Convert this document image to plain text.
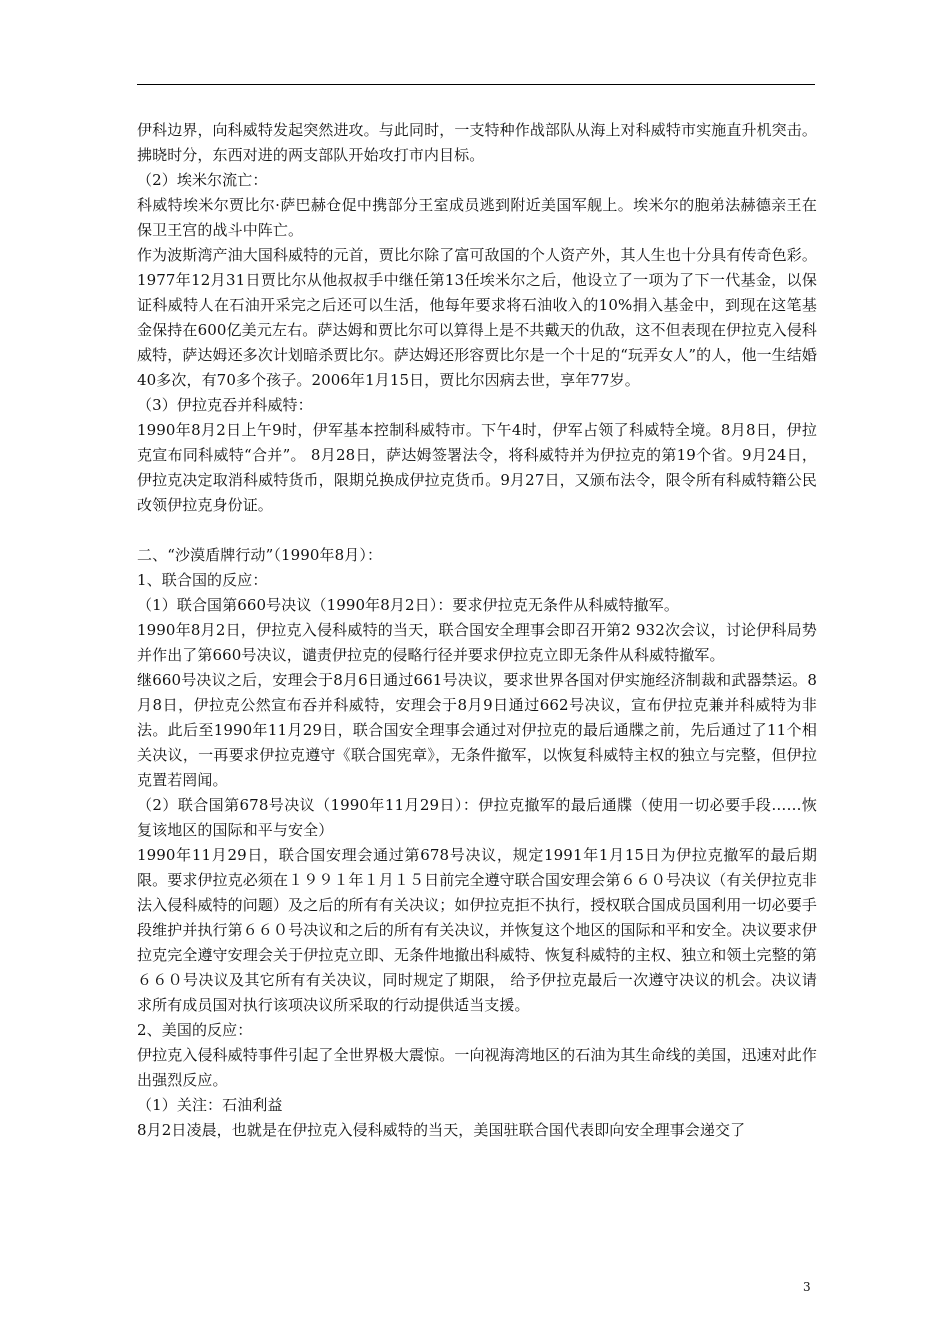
伊科边界，向科威特发起突然进攻。与此同时，一支特种作战部队从海上对科威特市实施直升机突击。拂晓时分，东西对进的两支部队开始攻打市内目标。

（2）埃米尔流亡：

科威特埃米尔贾比尔·萨巴赫仓促中携部分王室成员逃到附近美国军舰上。埃米尔的胞弟法赫德亲王在保卫王宫的战斗中阵亡。

作为波斯湾产油大国科威特的元首，贾比尔除了富可敌国的个人资产外，其人生也十分具有传奇色彩。1977年12月31日贾比尔从他叔叔手中继任第13任埃米尔之后，他设立了一项为了下一代基金，以保证科威特人在石油开采完之后还可以生活，他每年要求将石油收入的10%捐入基金中，到现在这笔基金保持在600亿美元左右。萨达姆和贾比尔可以算得上是不共戴天的仇敌，这不但表现在伊拉克入侵科威特，萨达姆还多次计划暗杀贾比尔。萨达姆还形容贾比尔是一个十足的“玩弄女人”的人，他一生结婚40多次，有70多个孩子。2006年1月15日，贾比尔因病去世，享年77岁。

（3）伊拉克吞并科威特：

1990年8月2日上午9时，伊军基本控制科威特市。下午4时，伊军占领了科威特全境。8月8日，伊拉克宣布同科威特“合并”。 8月28日，萨达姆签署法令，将科威特并为伊拉克的第19个省。9月24日，伊拉克决定取消科威特货币，限期兑换成伊拉克货币。9月27日，又颁布法令，限令所有科威特籍公民改领伊拉克身份证。

二、“沙漠盾牌行动”（1990年8月）：

1、联合国的反应：

（1）联合国第660号决议（1990年8月2日）：要求伊拉克无条件从科威特撤军。

1990年8月2日，伊拉克入侵科威特的当天，联合国安全理事会即召开第2 932次会议，讨论伊科局势并作出了第660号决议，谴责伊拉克的侵略行径并要求伊拉克立即无条件从科威特撤军。

继660号决议之后，安理会于8月6日通过661号决议，要求世界各国对伊实施经济制裁和武器禁运。8月8日，伊拉克公然宣布吞并科威特，安理会于8月9日通过662号决议，宣布伊拉克兼并科威特为非法。此后至1990年11月29日，联合国安全理事会通过对伊拉克的最后通牒之前，先后通过了11个相关决议，一再要求伊拉克遵守《联合国宪章》，无条件撤军，以恢复科威特主权的独立与完整，但伊拉克置若罔闻。

（2）联合国第678号决议（1990年11月29日）：伊拉克撤军的最后通牒（使用一切必要手段……恢复该地区的国际和平与安全）

1990年11月29日，联合国安理会通过第678号决议，规定1991年1月15日为伊拉克撤军的最后期限。要求伊拉克必须在１９９１年１月１５日前完全遵守联合国安理会第６６０号决议（有关伊拉克非法入侵科威特的问题）及之后的所有有关决议；如伊拉克拒不执行，授权联合国成员国利用一切必要手段维护并执行第６６０号决议和之后的所有有关决议，并恢复这个地区的国际和平和安全。决议要求伊拉克完全遵守安理会关于伊拉克立即、无条件地撤出科威特、恢复科威特的主权、独立和领土完整的第６６０号决议及其它所有有关决议，同时规定了期限， 给予伊拉克最后一次遵守决议的机会。决议请求所有成员国对执行该项决议所采取的行动提供适当支援。

2、美国的反应：

伊拉克入侵科威特事件引起了全世界极大震惊。一向视海湾地区的石油为其生命线的美国，迅速对此作出强烈反应。

（1）关注：石油利益

8月2日凌晨，也就是在伊拉克入侵科威特的当天，美国驻联合国代表即向安全理事会递交了

3
